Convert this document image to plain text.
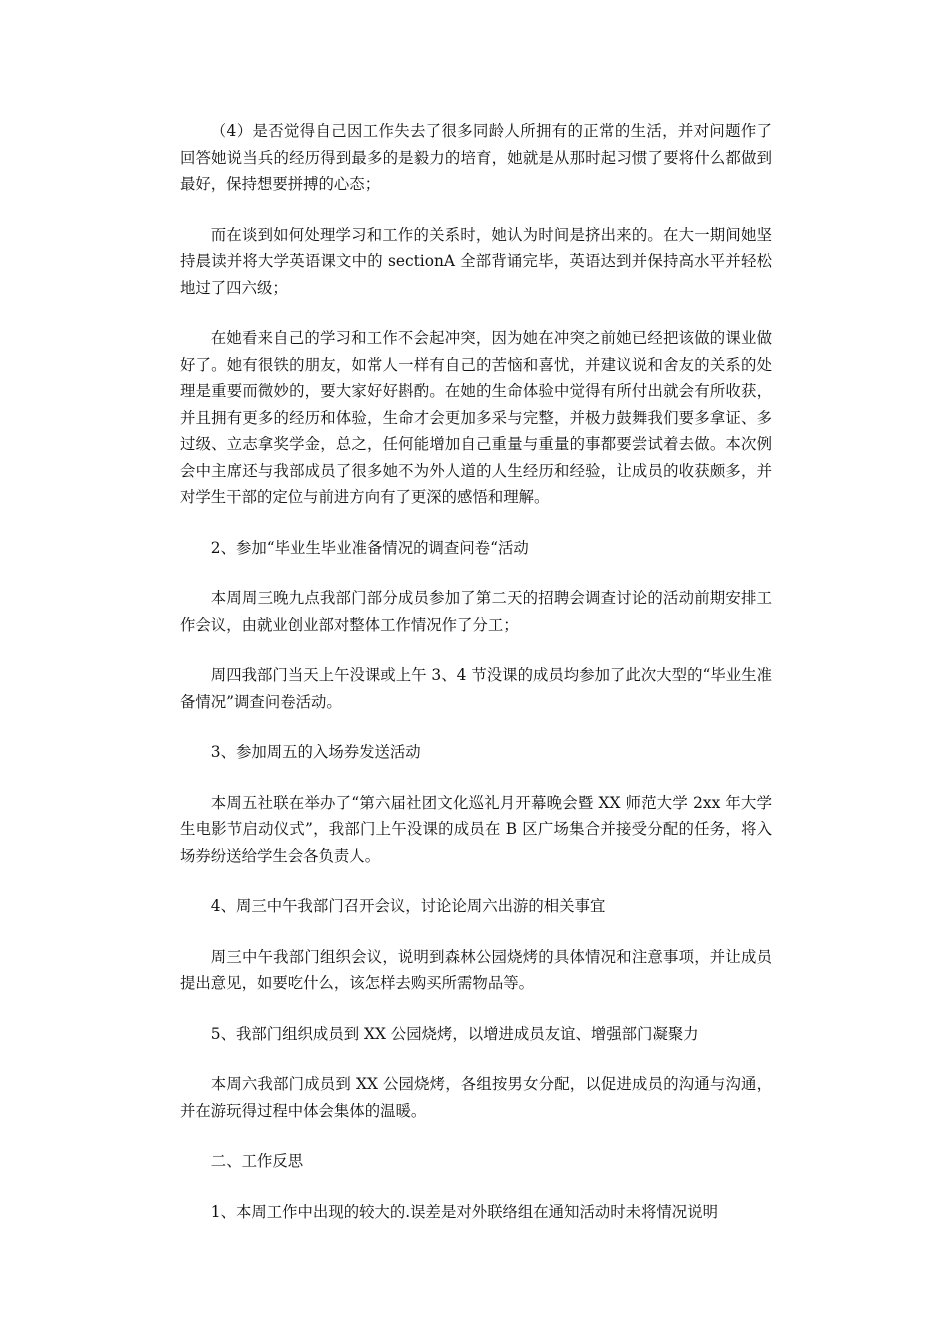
（4）是否觉得自己因工作失去了很多同龄人所拥有的正常的生活，并对问题作了回答她说当兵的经历得到最多的是毅力的培育，她就是从那时起习惯了要将什么都做到最好，保持想要拼搏的心态；

而在谈到如何处理学习和工作的关系时，她认为时间是挤出来的。在大一期间她坚持晨读并将大学英语课文中的 sectionA 全部背诵完毕，英语达到并保持高水平并轻松地过了四六级；

在她看来自己的学习和工作不会起冲突，因为她在冲突之前她已经把该做的课业做好了。她有很铁的朋友，如常人一样有自己的苦恼和喜忧，并建议说和舍友的关系的处理是重要而微妙的，要大家好好斟酌。在她的生命体验中觉得有所付出就会有所收获，并且拥有更多的经历和体验，生命才会更加多采与完整，并极力鼓舞我们要多拿证、多过级、立志拿奖学金，总之，任何能增加自己重量与重量的事都要尝试着去做。本次例会中主席还与我部成员了很多她不为外人道的人生经历和经验，让成员的收获颇多，并对学生干部的定位与前进方向有了更深的感悟和理解。

2、参加“毕业生毕业准备情况的调查问卷“活动

本周周三晚九点我部门部分成员参加了第二天的招聘会调查讨论的活动前期安排工作会议，由就业创业部对整体工作情况作了分工；

周四我部门当天上午没课或上午 3、4 节没课的成员均参加了此次大型的“毕业生准备情况”调查问卷活动。

3、参加周五的入场券发送活动

本周五社联在举办了“第六届社团文化巡礼月开幕晚会暨 XX 师范大学 2xx 年大学生电影节启动仪式”，我部门上午没课的成员在 B 区广场集合并接受分配的任务，将入场券纷送给学生会各负责人。

4、周三中午我部门召开会议，讨论论周六出游的相关事宜

周三中午我部门组织会议，说明到森林公园烧烤的具体情况和注意事项，并让成员提出意见，如要吃什么，该怎样去购买所需物品等。

5、我部门组织成员到 XX 公园烧烤，以增进成员友谊、增强部门凝聚力

本周六我部门成员到 XX 公园烧烤，各组按男女分配，以促进成员的沟通与沟通，并在游玩得过程中体会集体的温暖。

二、工作反思

1、本周工作中出现的较大的.误差是对外联络组在通知活动时未将情况说明
